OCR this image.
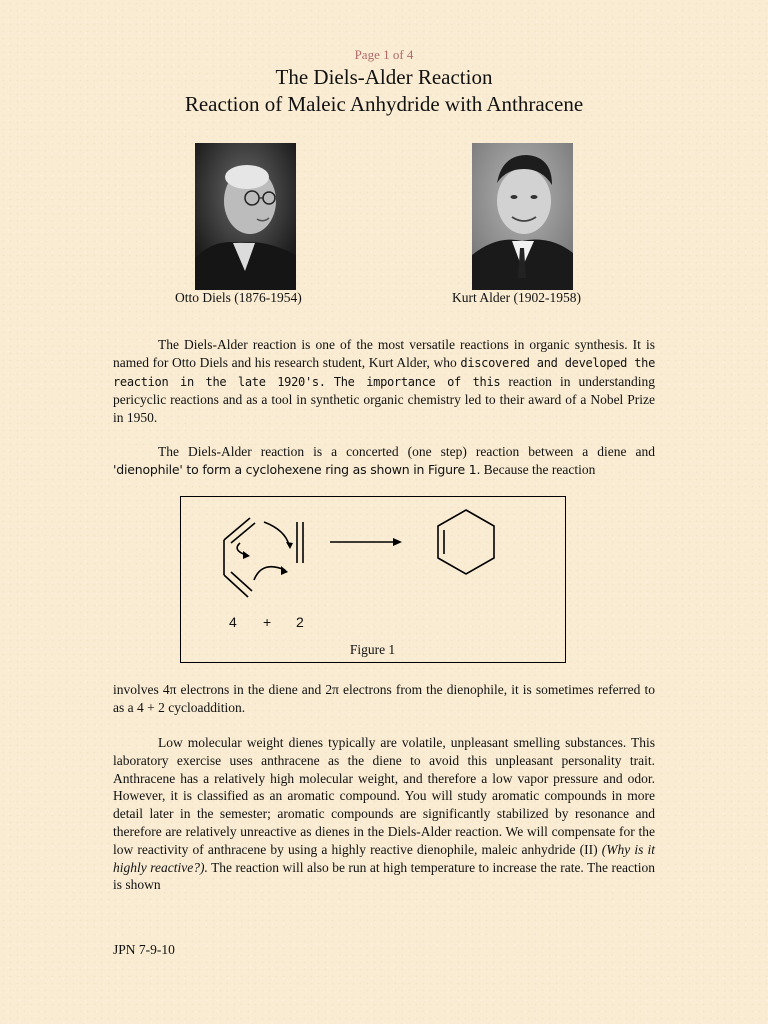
Page 1 of 4
The Diels-Alder Reaction
Reaction of Maleic Anhydride with Anthracene
Otto Diels (1876-1954)	Kurt Alder (1902-1958)

The Diels-Alder reaction is one of the most versatile reactions in organic synthesis. It is named for Otto Diels and his research student, Kurt Alder, who discovered and developed the reaction in the late 1920's. The importance of this reaction in understanding pericyclic reactions and as a tool in synthetic organic chemistry led to their award of a Nobel Prize in 1950.

The Diels-Alder reaction is a concerted (one step) reaction between a diene and 'dienophile' to form a cyclohexene ring as shown in Figure 1. Because the reaction

4 + 2
Figure 1

involves 4π electrons in the diene and 2π electrons from the dienophile, it is sometimes referred to as a 4 + 2 cycloaddition.

Low molecular weight dienes typically are volatile, unpleasant smelling substances. This laboratory exercise uses anthracene as the diene to avoid this unpleasant personality trait. Anthracene has a relatively high molecular weight, and therefore a low vapor pressure and odor. However, it is classified as an aromatic compound. You will study aromatic compounds in more detail later in the semester; aromatic compounds are significantly stabilized by resonance and therefore are relatively unreactive as dienes in the Diels-Alder reaction. We will compensate for the low reactivity of anthracene by using a highly reactive dienophile, maleic anhydride (II) (Why is it highly reactive?). The reaction will also be run at high temperature to increase the rate. The reaction is shown

JPN 7-9-10
